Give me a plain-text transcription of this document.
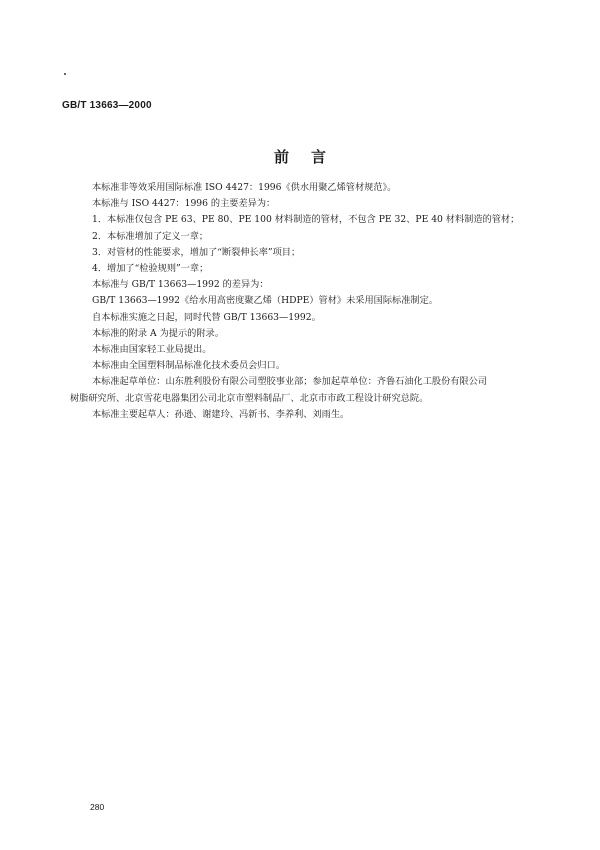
GB/T 13663—2000
前言
本标准非等效采用国际标准 ISO 4427：1996《供水用聚乙烯管材规范》。
本标准与 ISO 4427：1996 的主要差异为：
1．本标准仅包含 PE 63、PE 80、PE 100 材料制造的管材，不包含 PE 32、PE 40 材料制造的管材；
2．本标准增加了定义一章；
3．对管材的性能要求，增加了“断裂伸长率”项目；
4．增加了“检验规则”一章；
本标准与 GB/T 13663—1992 的差异为：
GB/T 13663—1992《给水用高密度聚乙烯（HDPE）管材》未采用国际标准制定。
自本标准实施之日起，同时代替 GB/T 13663—1992。
本标准的附录 A 为提示的附录。
本标准由国家轻工业局提出。
本标准由全国塑料制品标准化技术委员会归口。
本标准起草单位：山东胜利股份有限公司塑胶事业部；参加起草单位：齐鲁石油化工股份有限公司
树脂研究所、北京雪花电器集团公司北京市塑料制品厂、北京市市政工程设计研究总院。
本标准主要起草人：孙逊、谢建玲、冯新书、李养利、刘雨生。
280
